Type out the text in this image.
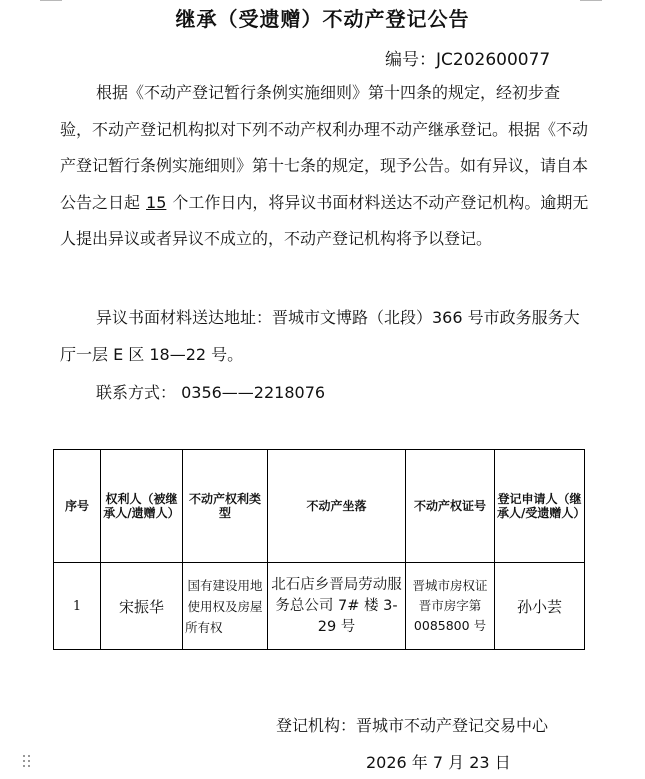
继承（受遗赠）不动产登记公告
编号：JC202600077
根据《不动产登记暂行条例实施细则》第十四条的规定，经初步查验，不动产登记机构拟对下列不动产权利办理不动产继承登记。根据《不动产登记暂行条例实施细则》第十七条的规定，现予公告。如有异议，请自本公告之日起 15 个工作日内，将异议书面材料送达不动产登记机构。逾期无人提出异议或者异议不成立的，不动产登记机构将予以登记。
异议书面材料送达地址：晋城市文博路（北段）366 号市政务服务大厅一层 E 区 18—22 号。
联系方式： 0356——2218076
序号	权利人（被继承人/遗赠人）	不动产权利类型	不动产坐落	不动产权证号	登记申请人（继承人/受遗赠人）
1	宋振华	国有建设用地使用权及房屋所有权	北石店乡晋局劳动服务总公司 7# 楼 3-29 号	晋城市房权证晋市房字第 0085800 号	孙小芸
登记机构：晋城市不动产登记交易中心
2026 年 7 月 23 日
